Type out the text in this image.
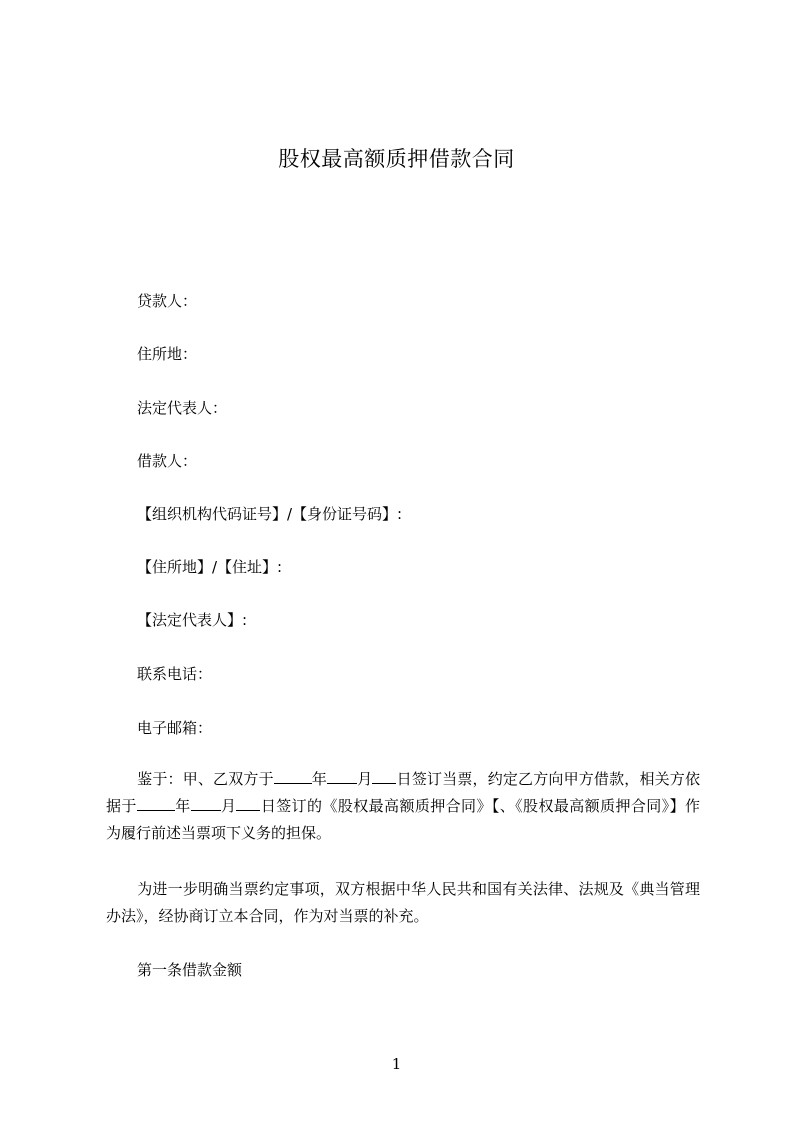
股权最高额质押借款合同
贷款人：
住所地：
法定代表人：
借款人：
【组织机构代码证号】/【身份证号码】:
【住所地】/【住址】:
【法定代表人】:
联系电话：
电子邮箱：
鉴于：甲、乙双方于	年 月 日签订当票，约定乙方向甲方借款，相关方依据于	年 月 日签订的《股权最高额质押合同》【、《股权最高额质押合同》】作为履行前述当票项下义务的担保。
为进一步明确当票约定事项，双方根据中华人民共和国有关法律、法规及《典当管理办法》，经协商订立本合同，作为对当票的补充。
第一条借款金额
1
